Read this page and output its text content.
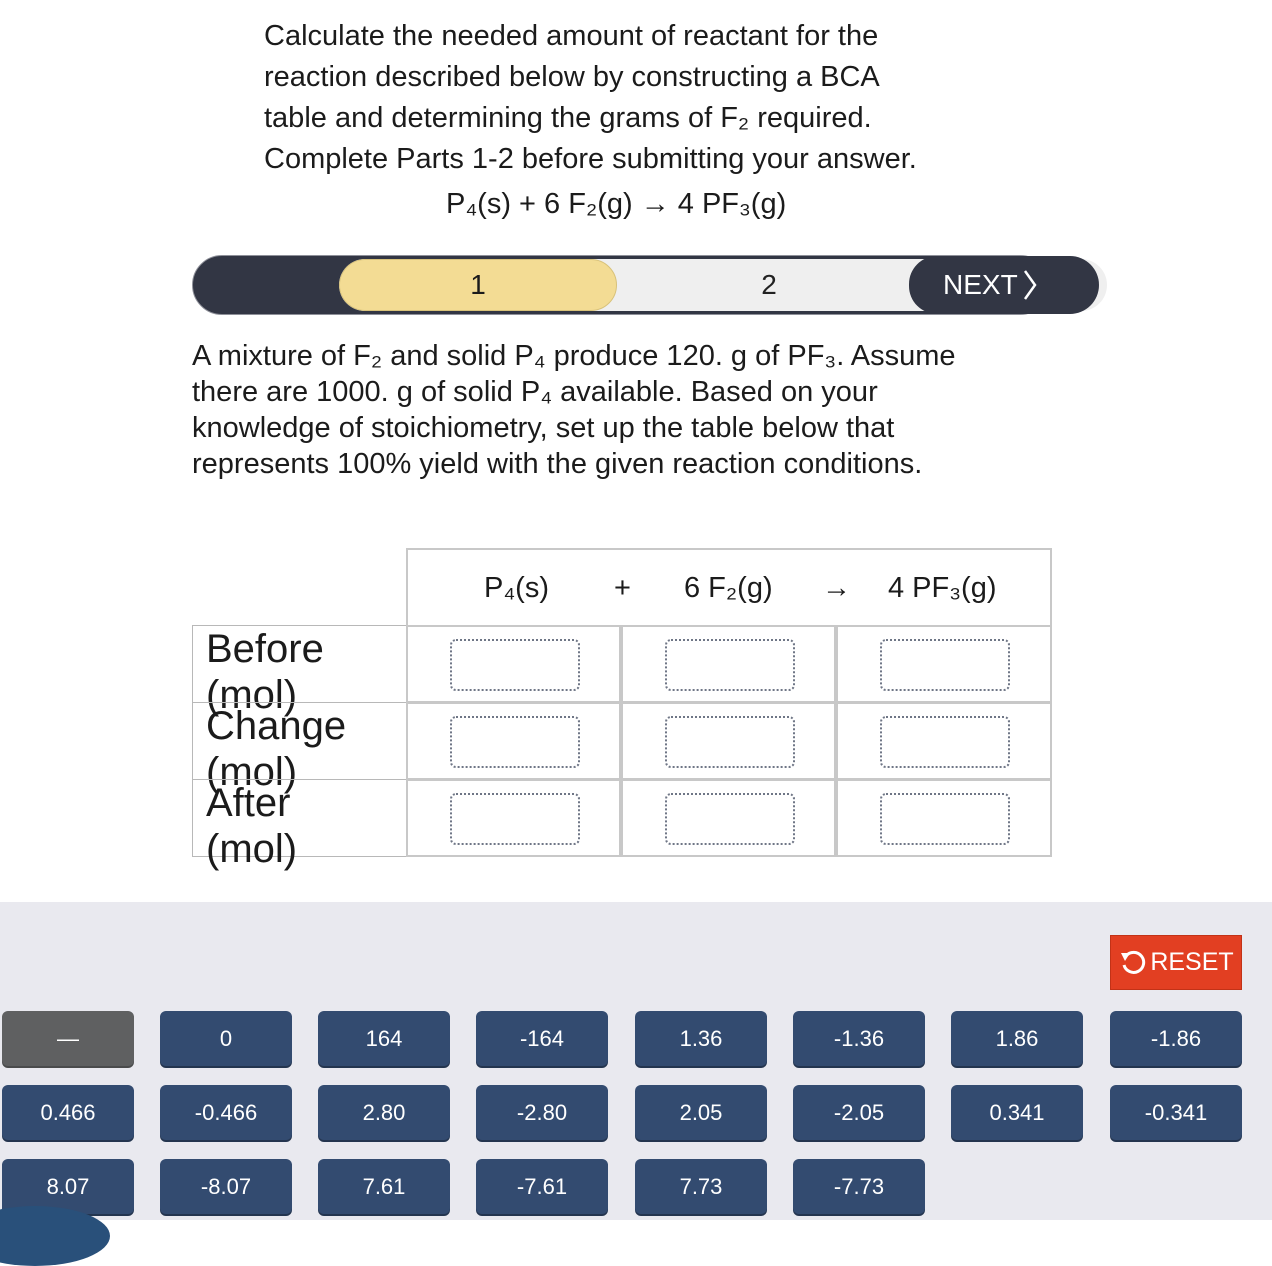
Calculate the needed amount of reactant for the
reaction described below by constructing a BCA
table and determining the grams of F₂ required.
Complete Parts 1-2 before submitting your answer.
P₄(s) + 6 F₂(g) → 4 PF₃(g)
1	2	NEXT
A mixture of F₂ and solid P₄ produce 120. g of PF₃. Assume
there are 1000. g of solid P₄ available. Based on your
knowledge of stoichiometry, set up the table below that
represents 100% yield with the given reaction conditions.
P₄(s) + 6 F₂(g) → 4 PF₃(g)
Before
(mol)
Change
(mol)
After
(mol)
RESET
—	0	164	-164	1.36	-1.36	1.86	-1.86
0.466	-0.466	2.80	-2.80	2.05	-2.05	0.341	-0.341
8.07	-8.07	7.61	-7.61	7.73	-7.73
